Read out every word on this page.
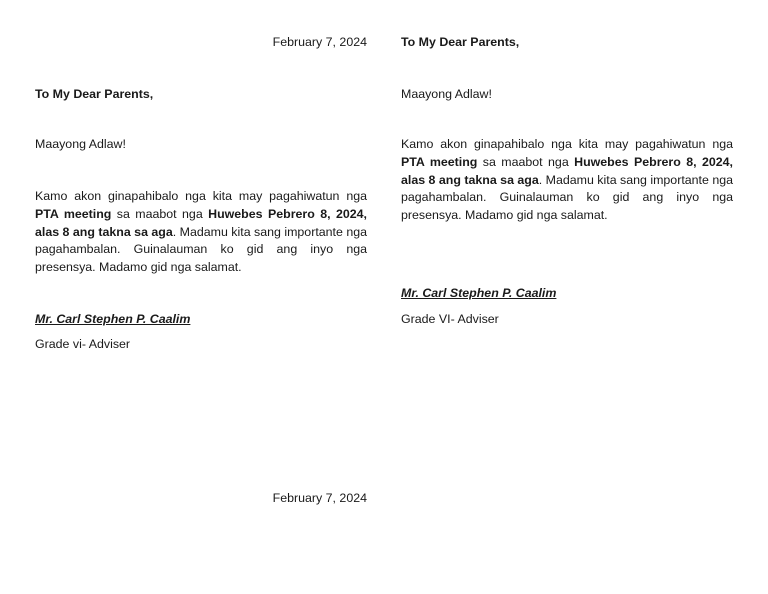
February 7, 2024

To My Dear Parents,

Maayong Adlaw!

Kamo akon ginapahibalo nga kita may pagahiwatun nga PTA meeting sa maabot nga Huwebes Pebrero 8, 2024, alas 8 ang takna sa aga. Madamu kita sang importante nga pagahambalan. Guinalauman ko gid ang inyo nga presensya. Madamo gid nga salamat.

Mr. Carl Stephen P. Caalim

Grade vi- Adviser

February 7, 2024

To My Dear Parents,

Maayong Adlaw!

Kamo akon ginapahibalo nga kita may pagahiwatun nga PTA meeting sa maabot nga Huwebes Pebrero 8, 2024, alas 8 ang takna sa aga. Madamu kita sang importante nga pagahambalan. Guinalauman ko gid ang inyo nga presensya. Madamo gid nga salamat.

Mr. Carl Stephen P. Caalim

Grade VI- Adviser
